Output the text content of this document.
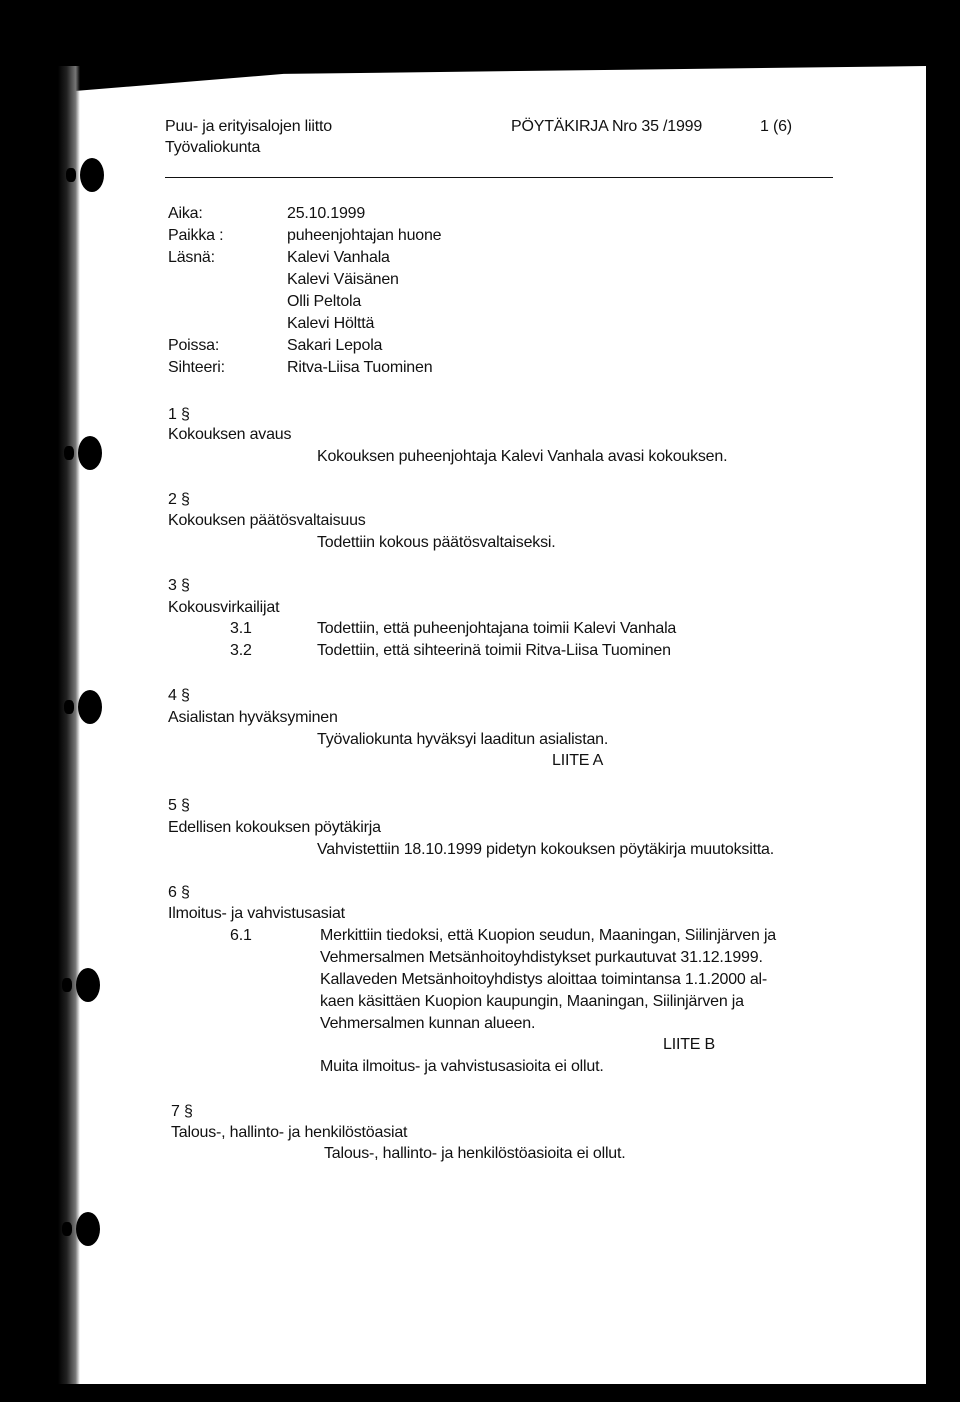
Puu- ja erityisalojen liitto
Työvaliokunta
PÖYTÄKIRJA Nro 35 /1999	1 (6)
Aika:	25.10.1999
Paikka :	puheenjohtajan huone
Läsnä:	Kalevi Vanhala
Kalevi Väisänen
Olli Peltola
Kalevi Hölttä
Poissa:	Sakari Lepola
Sihteeri:	Ritva-Liisa Tuominen
1 §
Kokouksen avaus
Kokouksen puheenjohtaja Kalevi Vanhala avasi kokouksen.
2 §
Kokouksen päätösvaltaisuus
Todettiin kokous päätösvaltaiseksi.
3 §
Kokousvirkailijat
3.1	Todettiin, että puheenjohtajana toimii Kalevi Vanhala
3.2	Todettiin, että sihteerinä toimii Ritva-Liisa Tuominen
4 §
Asialistan hyväksyminen
Työvaliokunta hyväksyi laaditun asialistan.
LIITE A
5 §
Edellisen kokouksen pöytäkirja
Vahvistettiin 18.10.1999 pidetyn kokouksen pöytäkirja muutoksitta.
6 §
Ilmoitus- ja vahvistusasiat
6.1	Merkittiin tiedoksi, että Kuopion seudun, Maaningan, Siilinjärven ja
Vehmersalmen Metsänhoitoyhdistykset purkautuvat 31.12.1999.
Kallaveden Metsänhoitoyhdistys aloittaa toimintansa 1.1.2000 al-
kaen käsittäen Kuopion kaupungin, Maaningan, Siilinjärven ja
Vehmersalmen kunnan alueen.
LIITE B
Muita ilmoitus- ja vahvistusasioita ei ollut.
7 §
Talous-, hallinto- ja henkilöstöasiat
Talous-, hallinto- ja henkilöstöasioita ei ollut.
